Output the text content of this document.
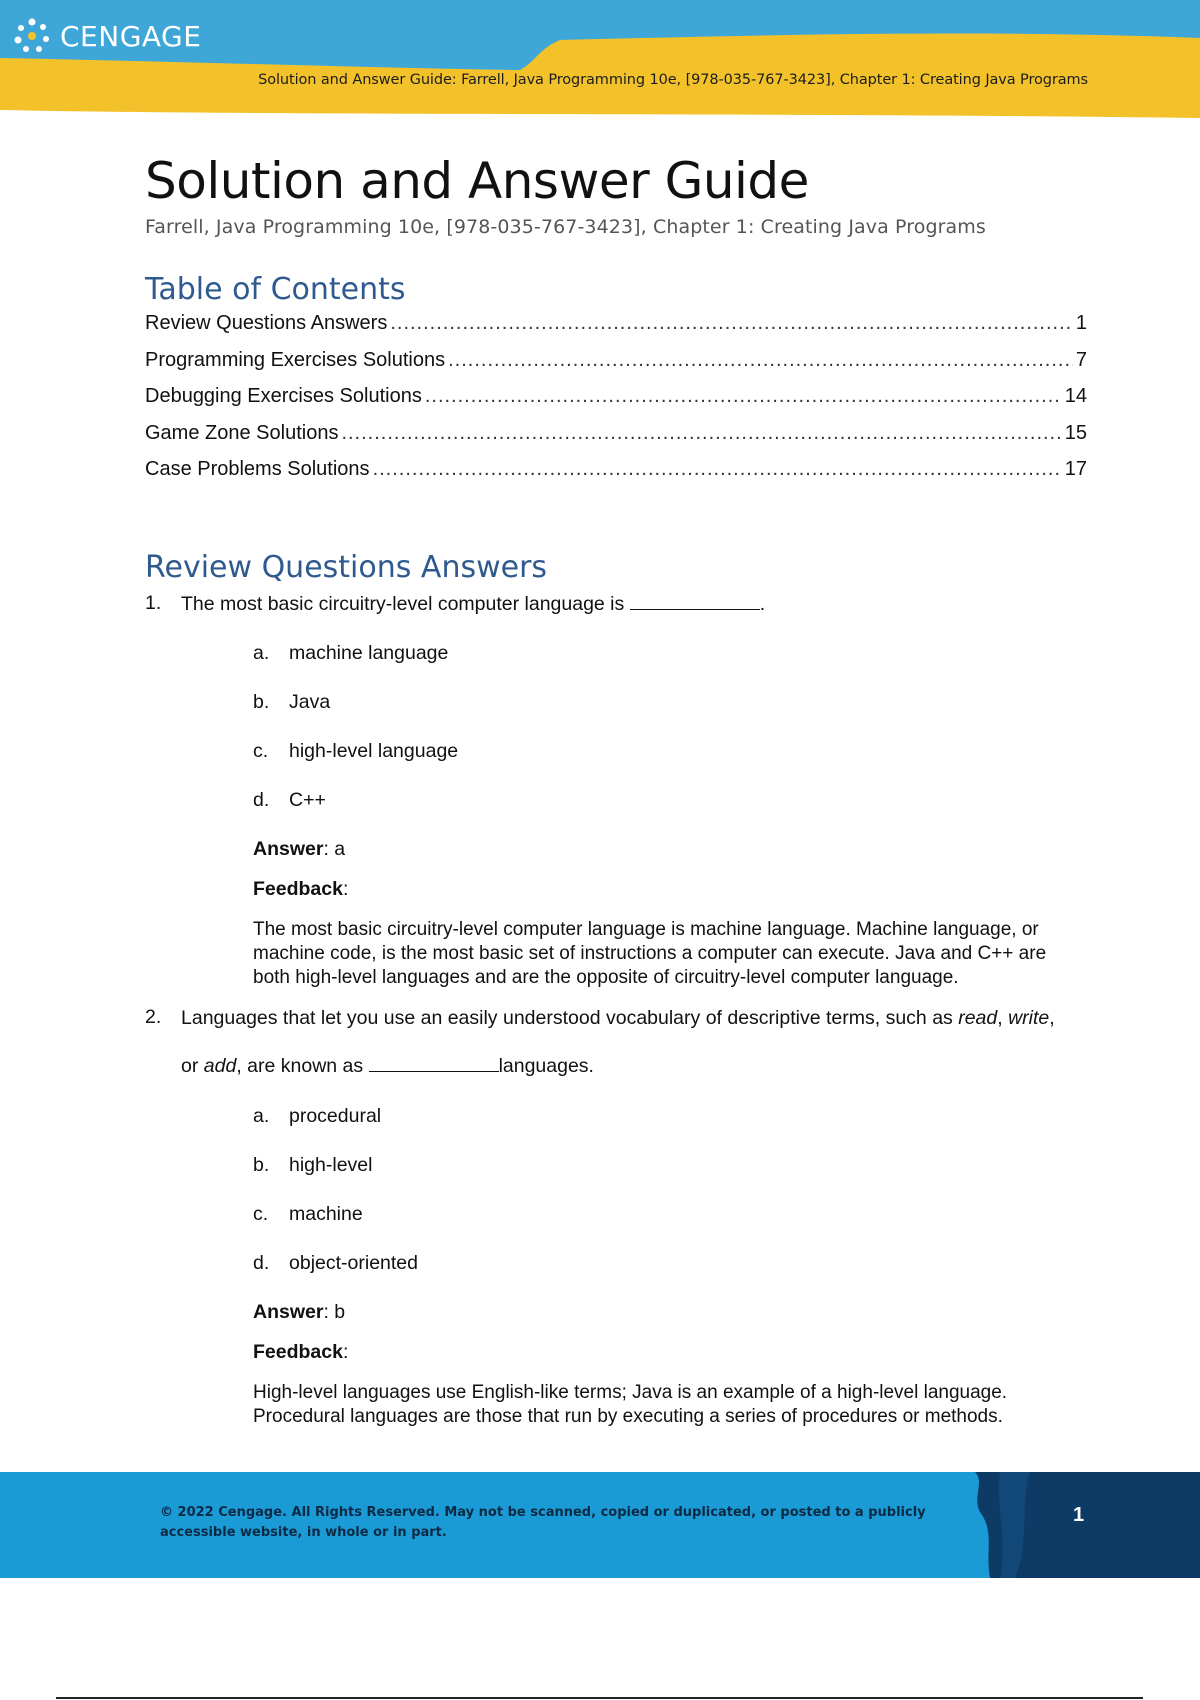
CENGAGE
Solution and Answer Guide: Farrell, Java Programming 10e, [978-035-767-3423], Chapter 1: Creating Java Programs
Solution and Answer Guide
Farrell, Java Programming 10e, [978-035-767-3423], Chapter 1: Creating Java Programs
Table of Contents
Review Questions Answers .....	1
Programming Exercises Solutions .....	7
Debugging Exercises Solutions .....	14
Game Zone Solutions .....	15
Case Problems Solutions .....	17
Review Questions Answers
1. The most basic circuitry-level computer language is	.
a. machine language
b. Java
c. high-level language
d. C++
Answer: a
Feedback:
The most basic circuitry-level computer language is machine language. Machine language, or machine code, is the most basic set of instructions a computer can execute. Java and C++ are both high-level languages and are the opposite of circuitry-level computer language.
2. Languages that let you use an easily understood vocabulary of descriptive terms, such as read, write,
or add, are known as	languages.
a. procedural
b. high-level
c. machine
d. object-oriented
Answer: b
Feedback:
High-level languages use English-like terms; Java is an example of a high-level language. Procedural languages are those that run by executing a series of procedures or methods.
© 2022 Cengage. All Rights Reserved. May not be scanned, copied or duplicated, or posted to a publicly accessible website, in whole or in part.
1
